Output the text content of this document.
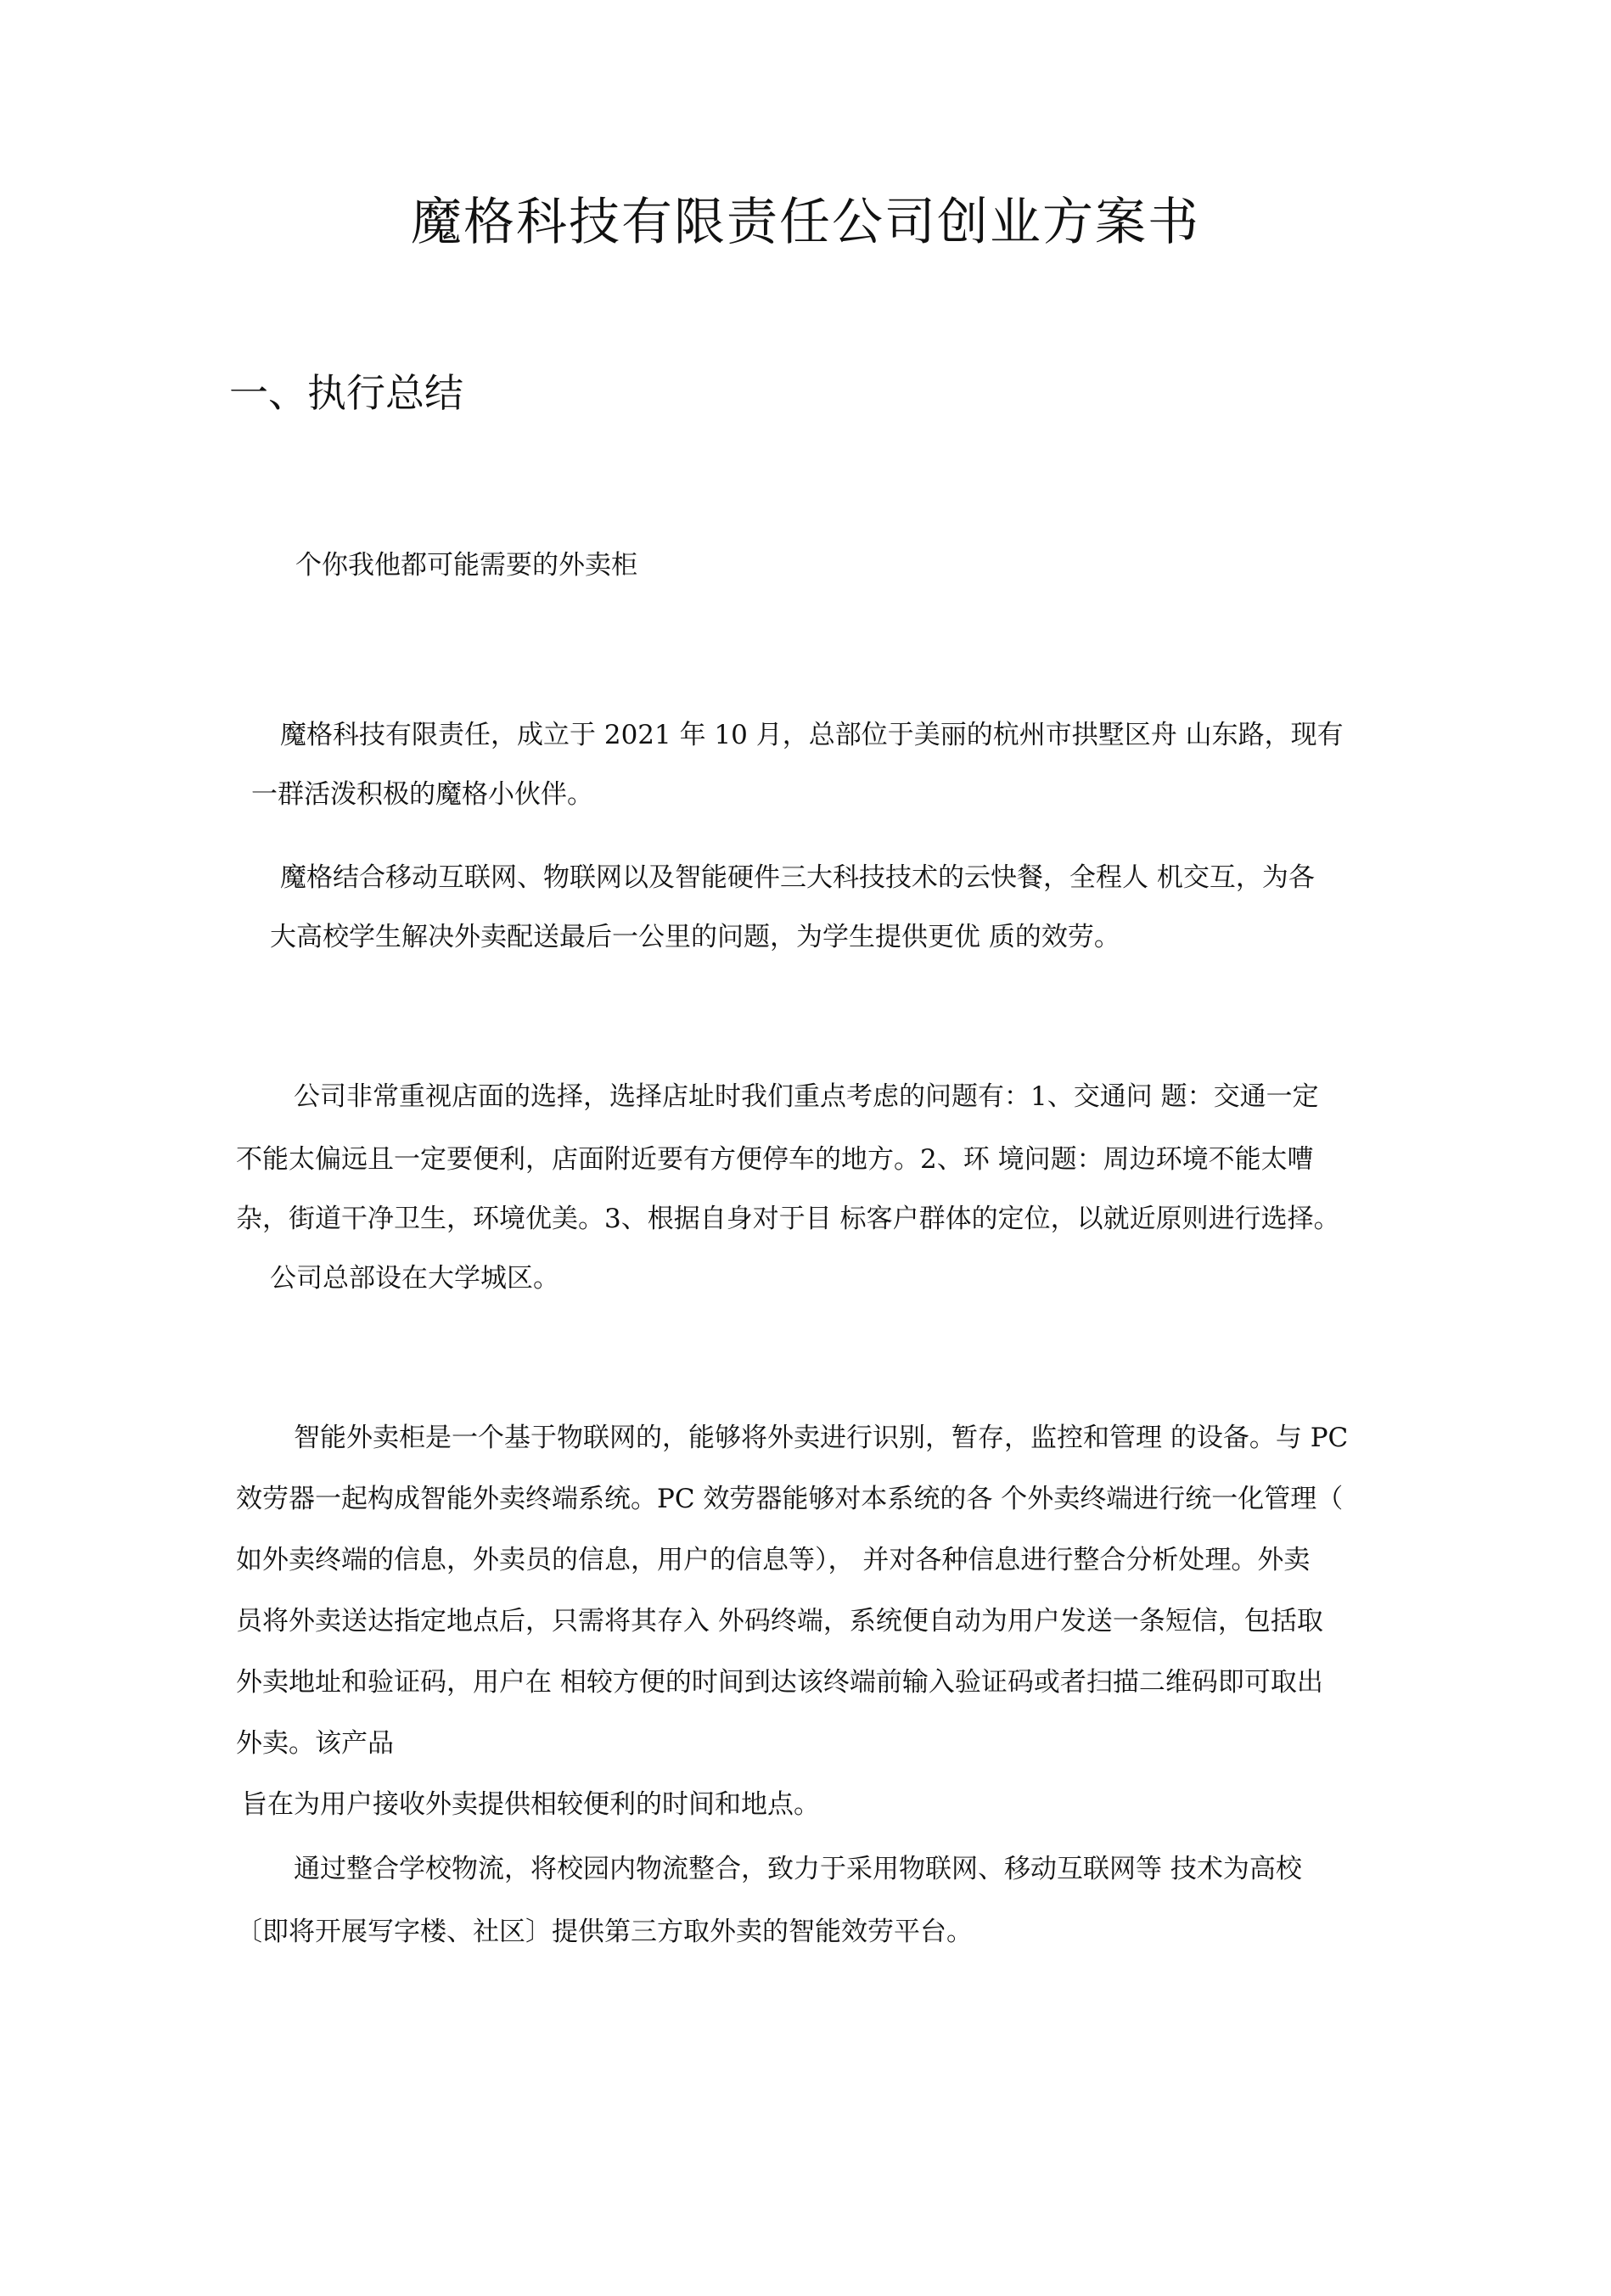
魔格科技有限责任公司创业方案书
一、执行总结

个你我他都可能需要的外卖柜

魔格科技有限责任，成立于 2021 年 10 月，总部位于美丽的杭州市拱墅区舟 山东路，现有

一群活泼积极的魔格小伙伴。

魔格结合移动互联网、物联网以及智能硬件三大科技技术的云快餐，全程人 机交互，为各

大高校学生解决外卖配送最后一公里的问题，为学生提供更优 质的效劳。

公司非常重视店面的选择，选择店址时我们重点考虑的问题有：1、交通问 题：交通一定

不能太偏远且一定要便利，店面附近要有方便停车的地方。2、环 境问题：周边环境不能太嘈

杂，街道干净卫生，环境优美。3、根据自身对于目 标客户群体的定位，以就近原则进行选择。

公司总部设在大学城区。

智能外卖柜是一个基于物联网的，能够将外卖进行识别，暂存，监控和管理 的设备。与 PC

效劳器一起构成智能外卖终端系统。PC 效劳器能够对本系统的各 个外卖终端进行统一化管理（

如外卖终端的信息，外卖员的信息，用户的信息等）， 并对各种信息进行整合分析处理。外卖

员将外卖送达指定地点后，只需将其存入 外码终端，系统便自动为用户发送一条短信，包括取

外卖地址和验证码，用户在 相较方便的时间到达该终端前输入验证码或者扫描二维码即可取出

外卖。该产品

旨在为用户接收外卖提供相较便利的时间和地点。

通过整合学校物流，将校园内物流整合，致力于采用物联网、移动互联网等 技术为高校

〔即将开展写字楼、社区〕提供第三方取外卖的智能效劳平台。
